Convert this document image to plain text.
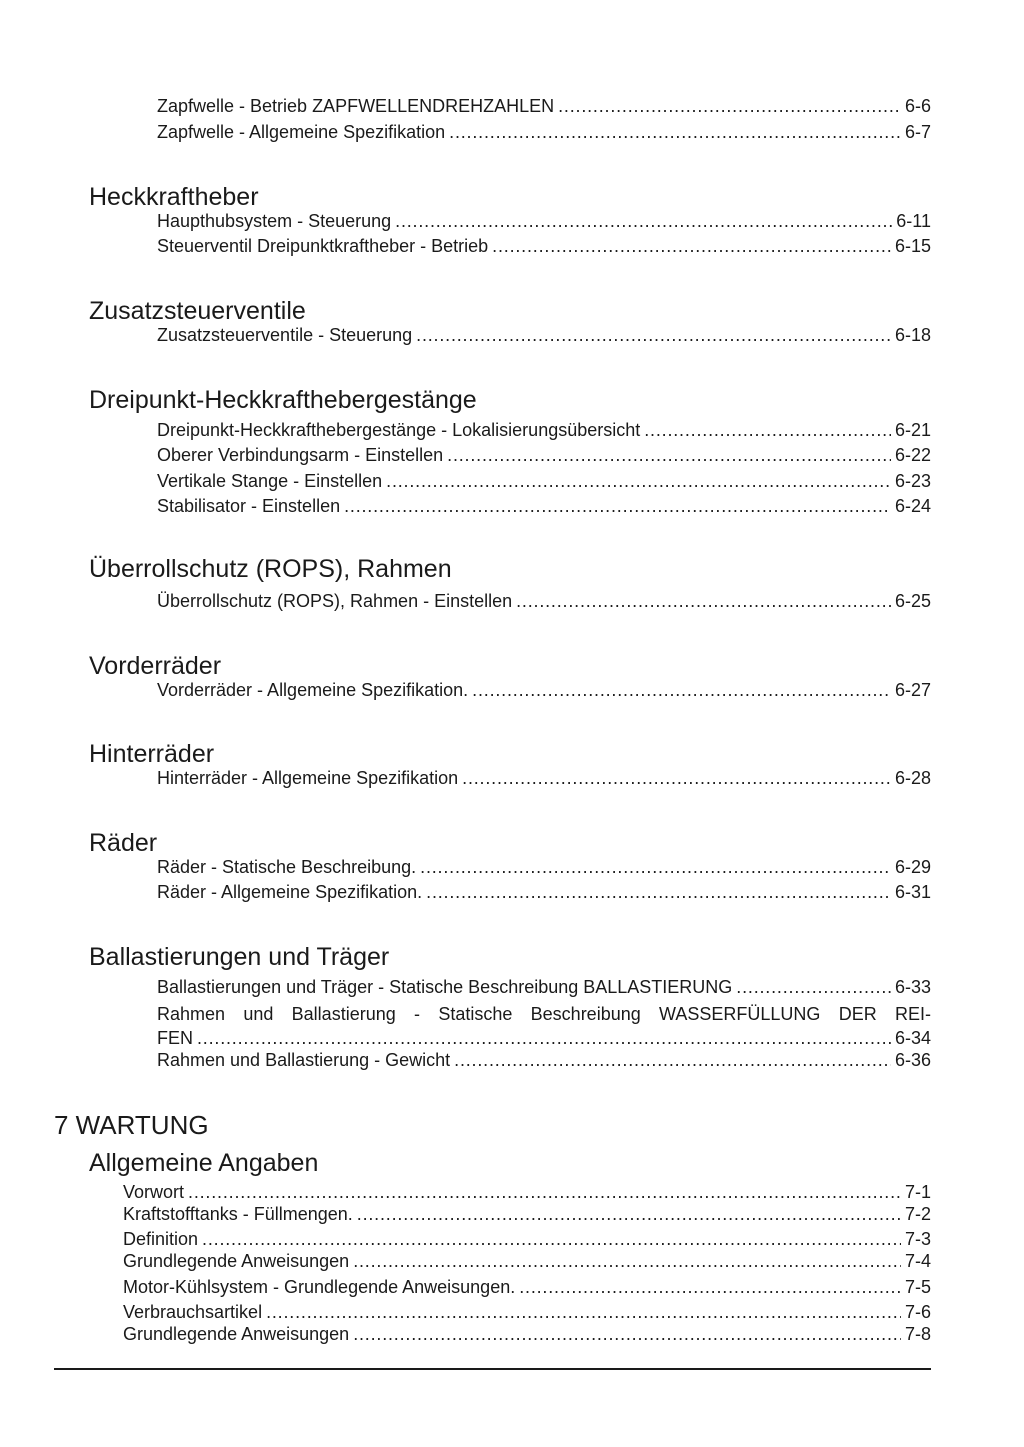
Zapfwelle - Betrieb ZAPFWELLENDREHZAHLEN . . .	6-6
Zapfwelle - Allgemeine Spezifikation . . .	6-7
Heckkraftheber
Haupthubsystem - Steuerung . . .	6-11
Steuerventil Dreipunktkraftheber - Betrieb . . .	6-15
Zusatzsteuerventile
Zusatzsteuerventile - Steuerung . . .	6-18
Dreipunkt-Heckkrafthebergestänge
Dreipunkt-Heckkrafthebergestänge - Lokalisierungsübersicht . . .	6-21
Oberer Verbindungsarm - Einstellen . . .	6-22
Vertikale Stange - Einstellen . . .	6-23
Stabilisator - Einstellen . . .	6-24
Überrollschutz (ROPS), Rahmen
Überrollschutz (ROPS), Rahmen - Einstellen . . .	6-25
Vorderräder
Vorderräder - Allgemeine Spezifikation. . . .	6-27
Hinterräder
Hinterräder - Allgemeine Spezifikation . . .	6-28
Räder
Räder - Statische Beschreibung. . . .	6-29
Räder - Allgemeine Spezifikation. . . .	6-31
Ballastierungen und Träger
Ballastierungen und Träger - Statische Beschreibung BALLASTIERUNG . . .	6-33
Rahmen und Ballastierung - Statische Beschreibung WASSERFÜLLUNG DER REI-
FEN . . .	6-34
Rahmen und Ballastierung - Gewicht . . .	6-36
7 WARTUNG
Allgemeine Angaben
Vorwort . . .	7-1
Kraftstofftanks - Füllmengen. . . .	7-2
Definition . . .	7-3
Grundlegende Anweisungen . . .	7-4
Motor-Kühlsystem - Grundlegende Anweisungen. . . .	7-5
Verbrauchsartikel . . .	7-6
Grundlegende Anweisungen . . .	7-8
